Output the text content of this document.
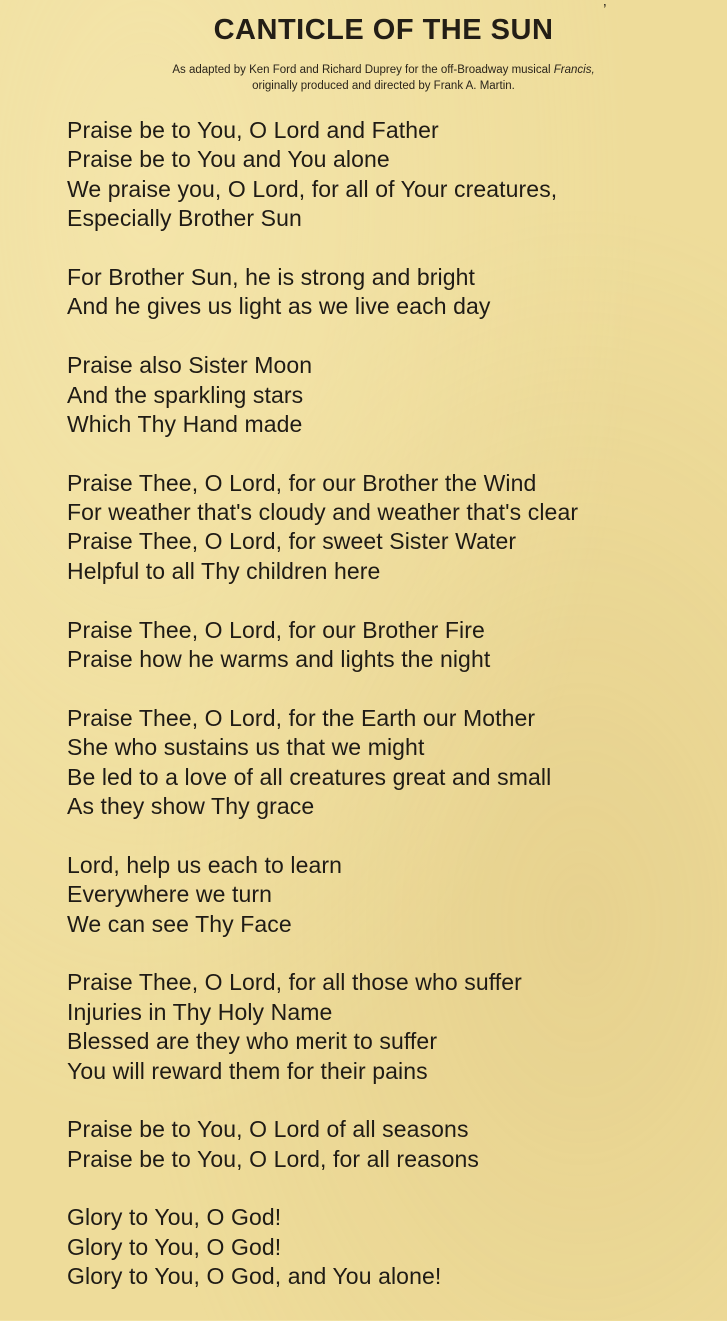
’
CANTICLE OF THE SUN
As adapted by Ken Ford and Richard Duprey for the off-Broadway musical Francis,
originally produced and directed by Frank A. Martin.
Praise be to You, O Lord and Father
Praise be to You and You alone
We praise you, O Lord, for all of Your creatures,
Especially Brother Sun
For Brother Sun, he is strong and bright
And he gives us light as we live each day
Praise also Sister Moon
And the sparkling stars
Which Thy Hand made
Praise Thee, O Lord, for our Brother the Wind
For weather that's cloudy and weather that's clear
Praise Thee, O Lord, for sweet Sister Water
Helpful to all Thy children here
Praise Thee, O Lord, for our Brother Fire
Praise how he warms and lights the night
Praise Thee, O Lord, for the Earth our Mother
She who sustains us that we might
Be led to a love of all creatures great and small
As they show Thy grace
Lord, help us each to learn
Everywhere we turn
We can see Thy Face
Praise Thee, O Lord, for all those who suffer
Injuries in Thy Holy Name
Blessed are they who merit to suffer
You will reward them for their pains
Praise be to You, O Lord of all seasons
Praise be to You, O Lord, for all reasons
Glory to You, O God!
Glory to You, O God!
Glory to You, O God, and You alone!
